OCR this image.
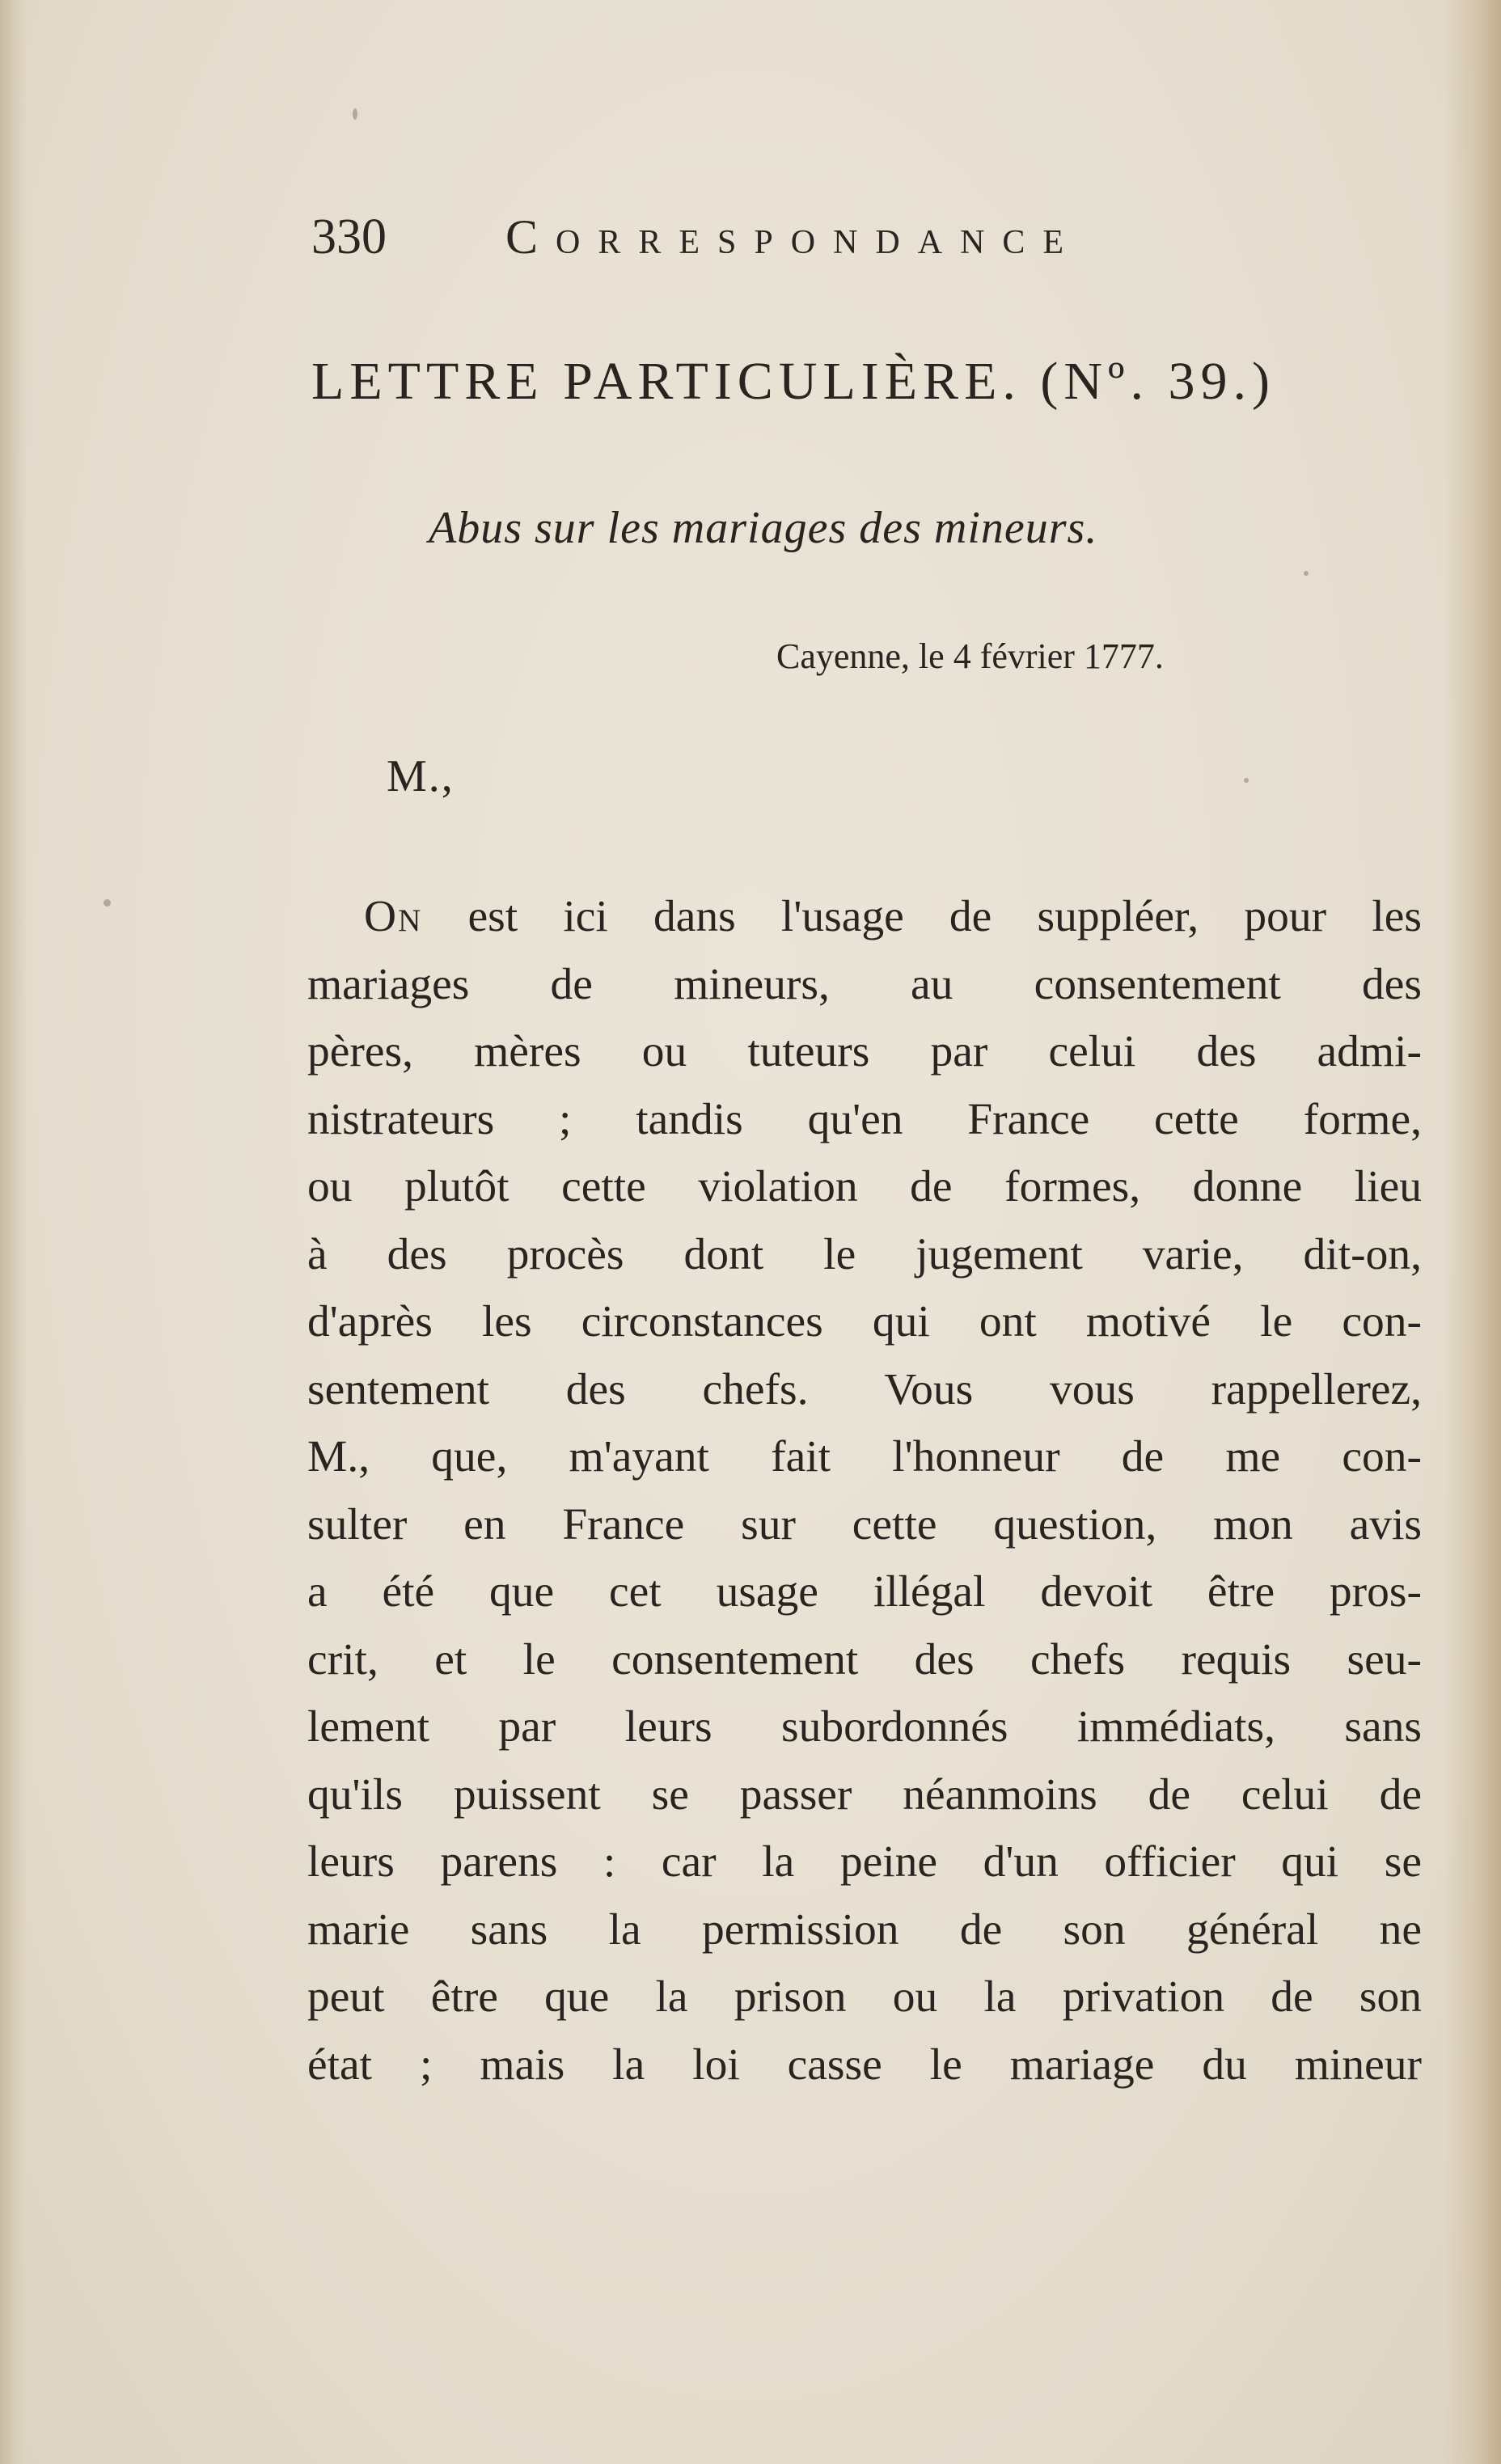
330 Correspondance
LETTRE PARTICULIÈRE. (Nº. 39.)
Abus sur les mariages des mineurs.
Cayenne, le 4 février 1777.
M.,
On est ici dans l'usage de suppléer, pour les
mariages de mineurs, au consentement des
pères, mères ou tuteurs par celui des admi-
nistrateurs ; tandis qu'en France cette forme,
ou plutôt cette violation de formes, donne lieu
à des procès dont le jugement varie, dit-on,
d'après les circonstances qui ont motivé le con-
sentement des chefs. Vous vous rappellerez,
M., que, m'ayant fait l'honneur de me con-
sulter en France sur cette question, mon avis
a été que cet usage illégal devoit être pros-
crit, et le consentement des chefs requis seu-
lement par leurs subordonnés immédiats, sans
qu'ils puissent se passer néanmoins de celui de
leurs parens : car la peine d'un officier qui se
marie sans la permission de son général ne
peut être que la prison ou la privation de son
état ; mais la loi casse le mariage du mineur
